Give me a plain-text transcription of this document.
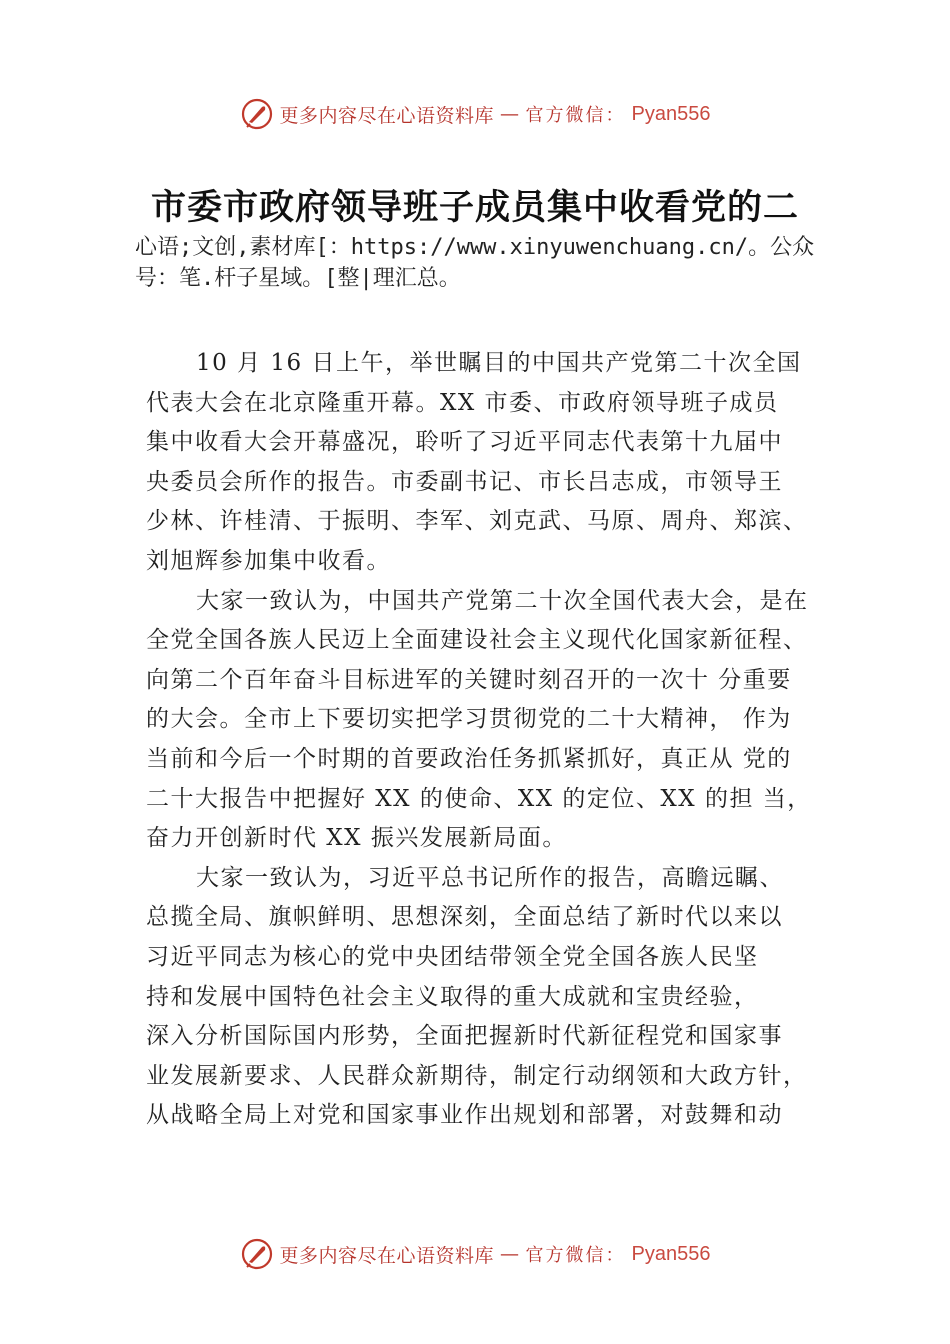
更多内容尽在心语资料库 — 官方微信： Pyan556
市委市政府领导班子成员集中收看党的二
心语;文创,素材库[：https://www.xinyuwenchuang.cn/。公众
号：笔.杆子星域。[整|理汇总。
10 月 16 日上午，举世瞩目的中国共产党第二十次全国
代表大会在北京隆重开幕。XX 市委、市政府领导班子成员
集中收看大会开幕盛况，聆听了习近平同志代表第十九届中
央委员会所作的报告。市委副书记、市长吕志成，市领导王
少林、许桂清、于振明、李军、刘克武、马原、周舟、郑滨、
刘旭辉参加集中收看。
大家一致认为，中国共产党第二十次全国代表大会，是在
全党全国各族人民迈上全面建设社会主义现代化国家新征程、
向第二个百年奋斗目标进军的关键时刻召开的一次十 分重要
的大会。全市上下要切实把学习贯彻党的二十大精神， 作为
当前和今后一个时期的首要政治任务抓紧抓好，真正从 党的
二十大报告中把握好 XX 的使命、XX 的定位、XX 的担 当，
奋力开创新时代 XX 振兴发展新局面。
大家一致认为，习近平总书记所作的报告，高瞻远瞩、
总揽全局、旗帜鲜明、思想深刻，全面总结了新时代以来以
习近平同志为核心的党中央团结带领全党全国各族人民坚
持和发展中国特色社会主义取得的重大成就和宝贵经验，
深入分析国际国内形势，全面把握新时代新征程党和国家事
业发展新要求、人民群众新期待，制定行动纲领和大政方针，
从战略全局上对党和国家事业作出规划和部署，对鼓舞和动
更多内容尽在心语资料库 — 官方微信： Pyan556
